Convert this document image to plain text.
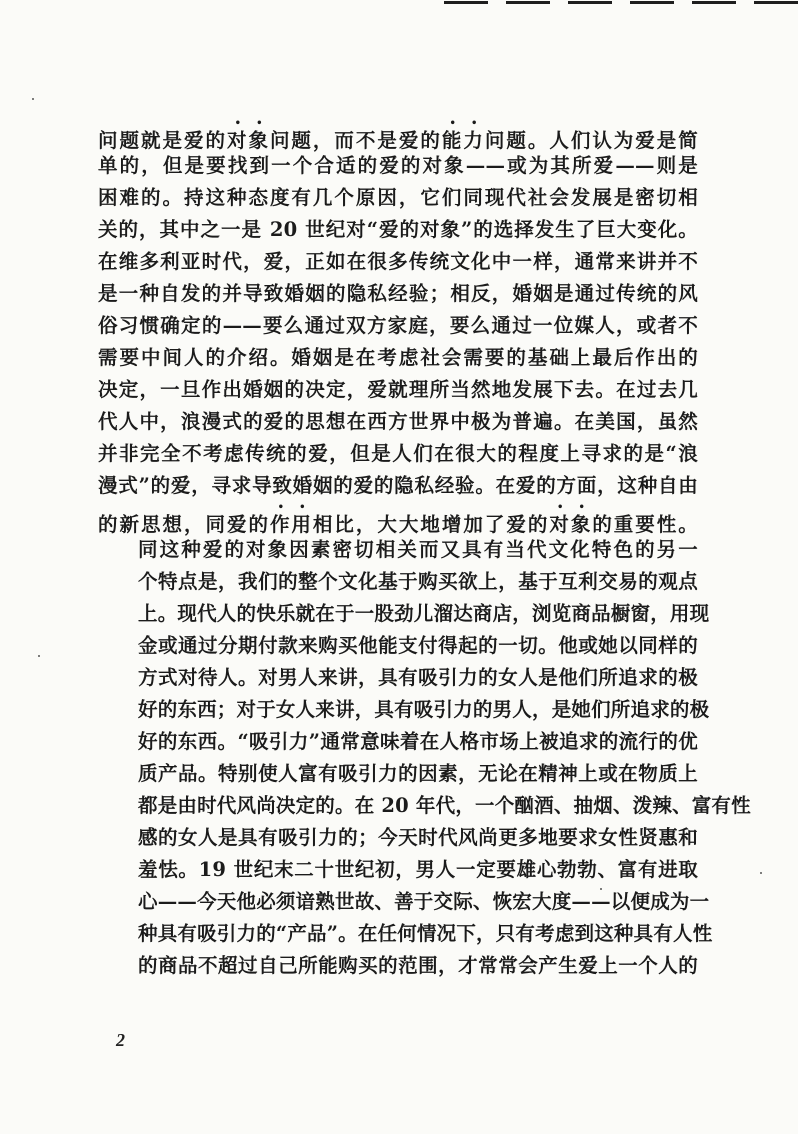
问题就是爱的对象问题，而不是爱的能力问题。人们认为爱是简
单的，但是要找到一个合适的爱的对象——或为其所爱——则是
困难的。持这种态度有几个原因，它们同现代社会发展是密切相
关的，其中之一是 20 世纪对“爱的对象”的选择发生了巨大变化。
在维多利亚时代，爱，正如在很多传统文化中一样，通常来讲并不
是一种自发的并导致婚姻的隐私经验；相反，婚姻是通过传统的风
俗习惯确定的——要么通过双方家庭，要么通过一位媒人，或者不
需要中间人的介绍。婚姻是在考虑社会需要的基础上最后作出的
决定，一旦作出婚姻的决定，爱就理所当然地发展下去。在过去几
代人中，浪漫式的爱的思想在西方世界中极为普遍。在美国，虽然
并非完全不考虑传统的爱，但是人们在很大的程度上寻求的是“浪
漫式”的爱，寻求导致婚姻的爱的隐私经验。在爱的方面，这种自由
的新思想，同爱的作用相比，大大地增加了爱的对象的重要性。
同这种爱的对象因素密切相关而又具有当代文化特色的另一
个特点是，我们的整个文化基于购买欲上，基于互利交易的观点
上。现代人的快乐就在于一股劲儿溜达商店，浏览商品橱窗，用现
金或通过分期付款来购买他能支付得起的一切。他或她以同样的
方式对待人。对男人来讲，具有吸引力的女人是他们所追求的极
好的东西；对于女人来讲，具有吸引力的男人，是她们所追求的极
好的东西。“吸引力”通常意味着在人格市场上被追求的流行的优
质产品。特别使人富有吸引力的因素，无论在精神上或在物质上
都是由时代风尚决定的。在 20 年代，一个酗酒、抽烟、泼辣、富有性
感的女人是具有吸引力的；今天时代风尚更多地要求女性贤惠和
羞怯。19 世纪末二十世纪初，男人一定要雄心勃勃、富有进取
心——今天他必须谙熟世故、善于交际、恢宏大度——以便成为一
种具有吸引力的“产品”。在任何情况下，只有考虑到这种具有人性
的商品不超过自己所能购买的范围，才常常会产生爱上一个人的
2
